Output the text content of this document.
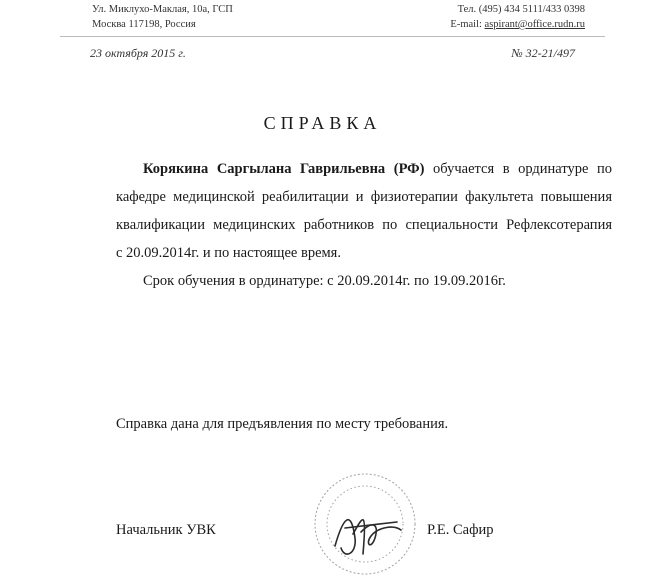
Ул. Миклухо-Маклая, 10а, ГСП
Москва 117198, Россия
Тел. (495) 434 5111/433 0398
E-mail: aspirant@office.rudn.ru
23 октября 2015 г.	№ 32-21/497
СПРАВКА
Корякина Саргылана Гаврильевна (РФ) обучается в ординатуре по
кафедре медицинской реабилитации и физиотерапии факультета повышения
квалификации медицинских работников по специальности Рефлексотерапия
с 20.09.2014г. и по настоящее время.

Срок обучения в ординатуре: с 20.09.2014г. по 19.09.2016г.

Справка дана для предъявления по месту требования.
Начальник УВК	Р.Е. Сафир
